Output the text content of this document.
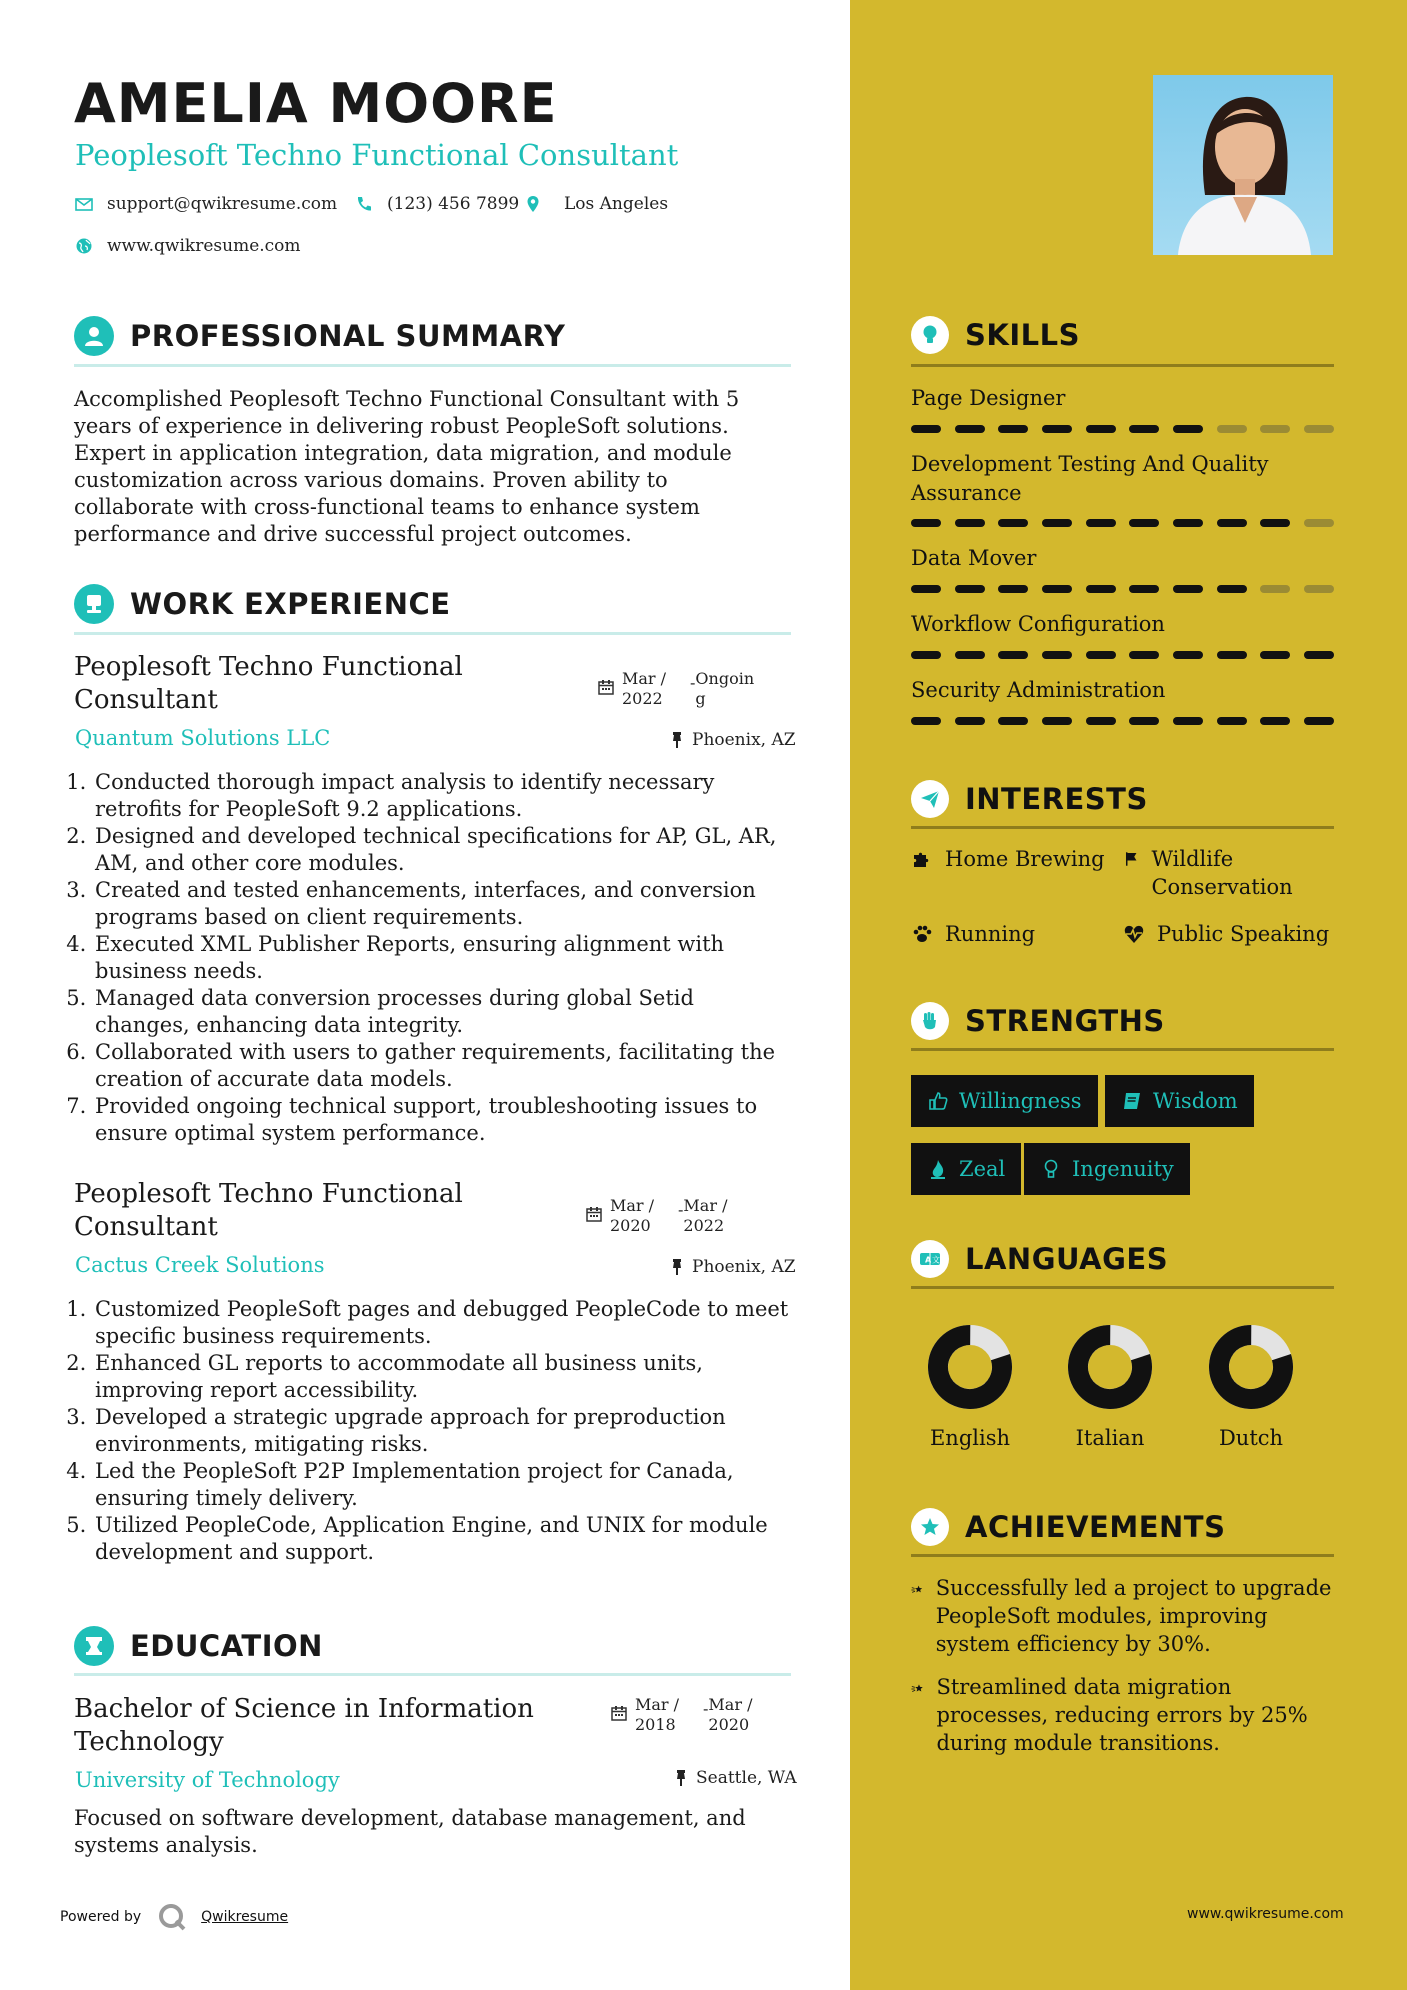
AMELIA MOORE
Peoplesoft Techno Functional Consultant
support@qwikresume.com	(123) 456 7899	Los Angeles
www.qwikresume.com
PROFESSIONAL SUMMARY
Accomplished Peoplesoft Techno Functional Consultant with 5 years of experience in delivering robust PeopleSoft solutions. Expert in application integration, data migration, and module customization across various domains. Proven ability to collaborate with cross-functional teams to enhance system performance and drive successful project outcomes.
WORK EXPERIENCE
Peoplesoft Techno Functional Consultant
Mar / 2022
- Ongoin g
Quantum Solutions LLC	Phoenix, AZ
1. Conducted thorough impact analysis to identify necessary retrofits for PeopleSoft 9.2 applications.
2. Designed and developed technical specifications for AP, GL, AR, AM, and other core modules.
3. Created and tested enhancements, interfaces, and conversion programs based on client requirements.
4. Executed XML Publisher Reports, ensuring alignment with business needs.
5. Managed data conversion processes during global Setid changes, enhancing data integrity.
6. Collaborated with users to gather requirements, facilitating the creation of accurate data models.
7. Provided ongoing technical support, troubleshooting issues to ensure optimal system performance.
Peoplesoft Techno Functional Consultant
Mar / 2020
- Mar / 2022
Cactus Creek Solutions	Phoenix, AZ
1. Customized PeopleSoft pages and debugged PeopleCode to meet specific business requirements.
2. Enhanced GL reports to accommodate all business units, improving report accessibility.
3. Developed a strategic upgrade approach for preproduction environments, mitigating risks.
4. Led the PeopleSoft P2P Implementation project for Canada, ensuring timely delivery.
5. Utilized PeopleCode, Application Engine, and UNIX for module development and support.
EDUCATION
Bachelor of Science in Information Technology
Mar / 2018
- Mar / 2020
University of Technology	Seattle, WA
Focused on software development, database management, and systems analysis.
SKILLS
Page Designer
Development Testing And Quality Assurance
Data Mover
Workflow Configuration
Security Administration
INTERESTS
Home Brewing Wildlife Conservation
Running	Public Speaking
STRENGTHS
Willingness	Wisdom
Zeal	Ingenuity
A 文 LANGUAGES
English	Italian	Dutch
ACHIEVEMENTS
Successfully led a project to upgrade PeopleSoft modules, improving system efficiency by 30%.
Streamlined data migration processes, reducing errors by 25% during module transitions.
Powered by	Qwikresume	www.qwikresume.com
